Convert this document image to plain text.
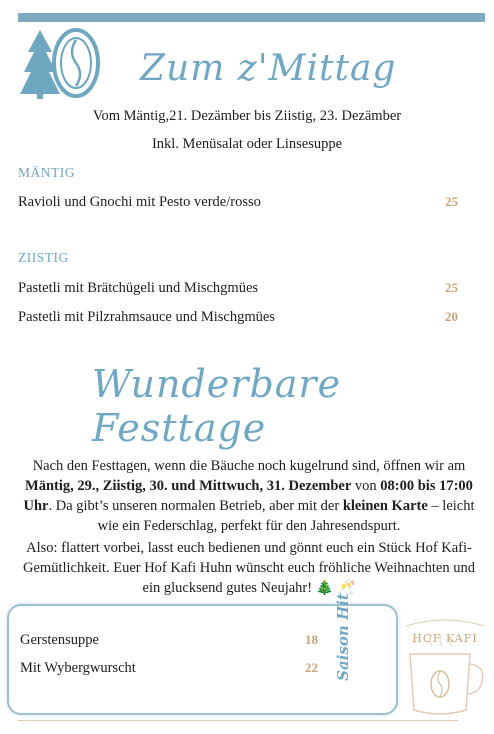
Zum z'Mittag
Vom Mäntig,21. Dezämber bis Ziistig, 23. Dezämber
Inkl. Menüsalat oder Linsesuppe
MÄNTIG
Ravioli und Gnochi mit Pesto verde/rosso	25
ZIISTIG
Pastetli mit Brätchügeli und Mischgmües	25
Pastetli mit Pilzrahmsauce und Mischgmües	20
Wunderbare Festtage
Nach den Festtagen, wenn die Bäuche noch kugelrund sind, öffnen wir am Mäntig, 29., Ziistig, 30. und Mittwuch, 31. Dezember von 08:00 bis 17:00 Uhr. Da gibt’s unseren normalen Betrieb, aber mit der kleinen Karte – leicht wie ein Federschlag, perfekt für den Jahresendspurt.
Also: flattert vorbei, lasst euch bedienen und gönnt euch ein Stück Hof Kafi-Gemütlichkeit. Euer Hof Kafi Huhn wünscht euch fröhliche Weihnachten und ein glucksend gutes Neujahr! 🎄 🥂
Gerstensuppe	18
Mit Wybergwurscht	22 Saison Hit	HOF KAFI
